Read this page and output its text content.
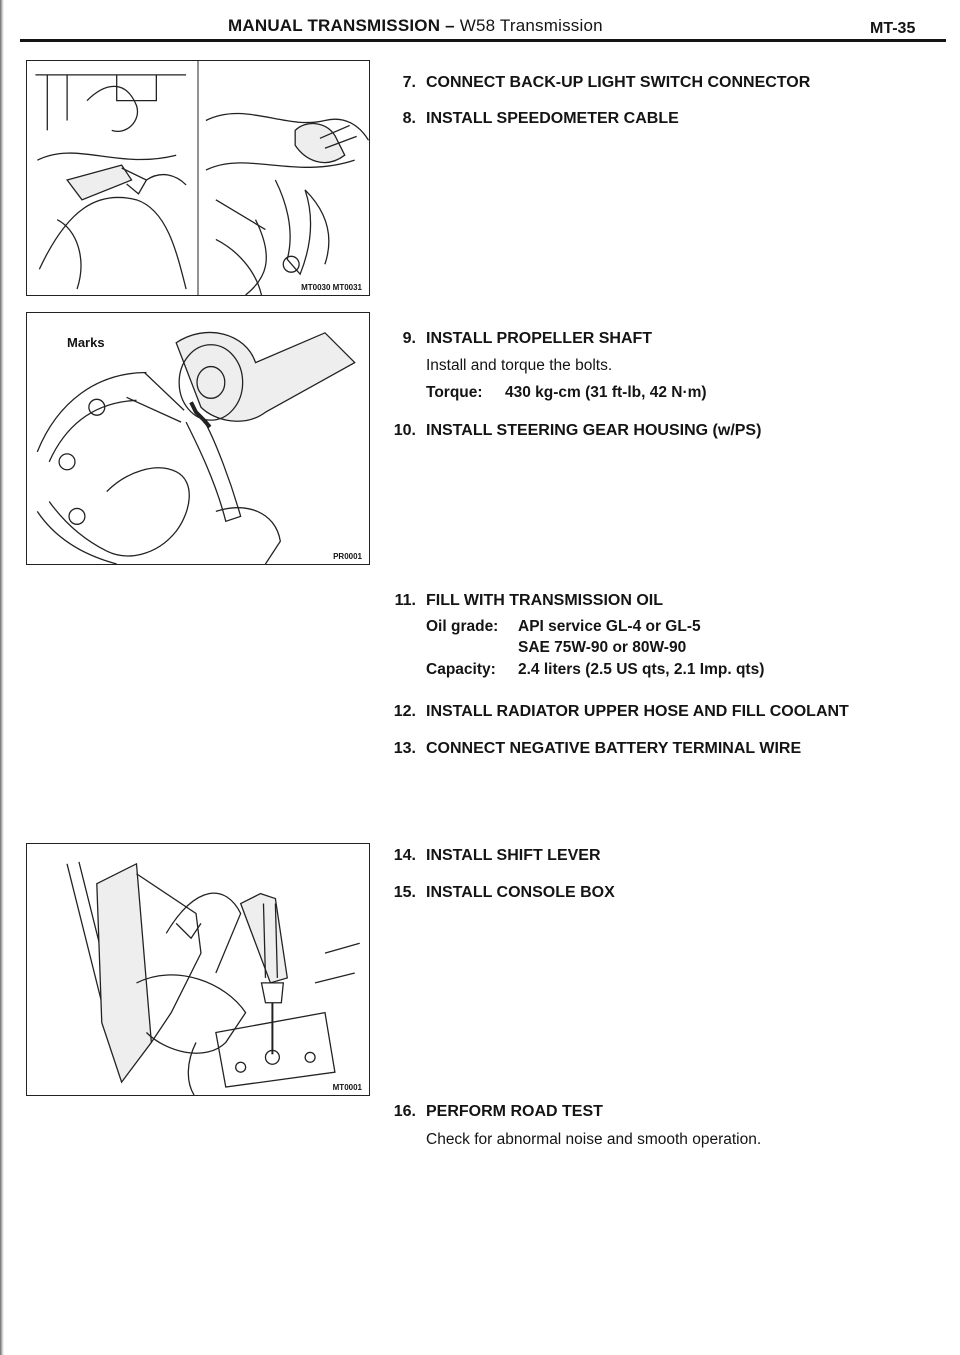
MANUAL TRANSMISSION – W58 Transmission	MT-35
MT0030 MT0031
Marks
PR0001
MT0001
7. CONNECT BACK-UP LIGHT SWITCH CONNECTOR
8. INSTALL SPEEDOMETER CABLE
9. INSTALL PROPELLER SHAFT
Install and torque the bolts.
Torque: 430 kg-cm (31 ft-lb, 42 N·m)
10. INSTALL STEERING GEAR HOUSING (w/PS)
11. FILL WITH TRANSMISSION OIL
Oil grade: API service GL-4 or GL-5
SAE 75W-90 or 80W-90
Capacity: 2.4 liters (2.5 US qts, 2.1 Imp. qts)
12. INSTALL RADIATOR UPPER HOSE AND FILL COOLANT
13. CONNECT NEGATIVE BATTERY TERMINAL WIRE
14. INSTALL SHIFT LEVER
15. INSTALL CONSOLE BOX
16. PERFORM ROAD TEST
Check for abnormal noise and smooth operation.
